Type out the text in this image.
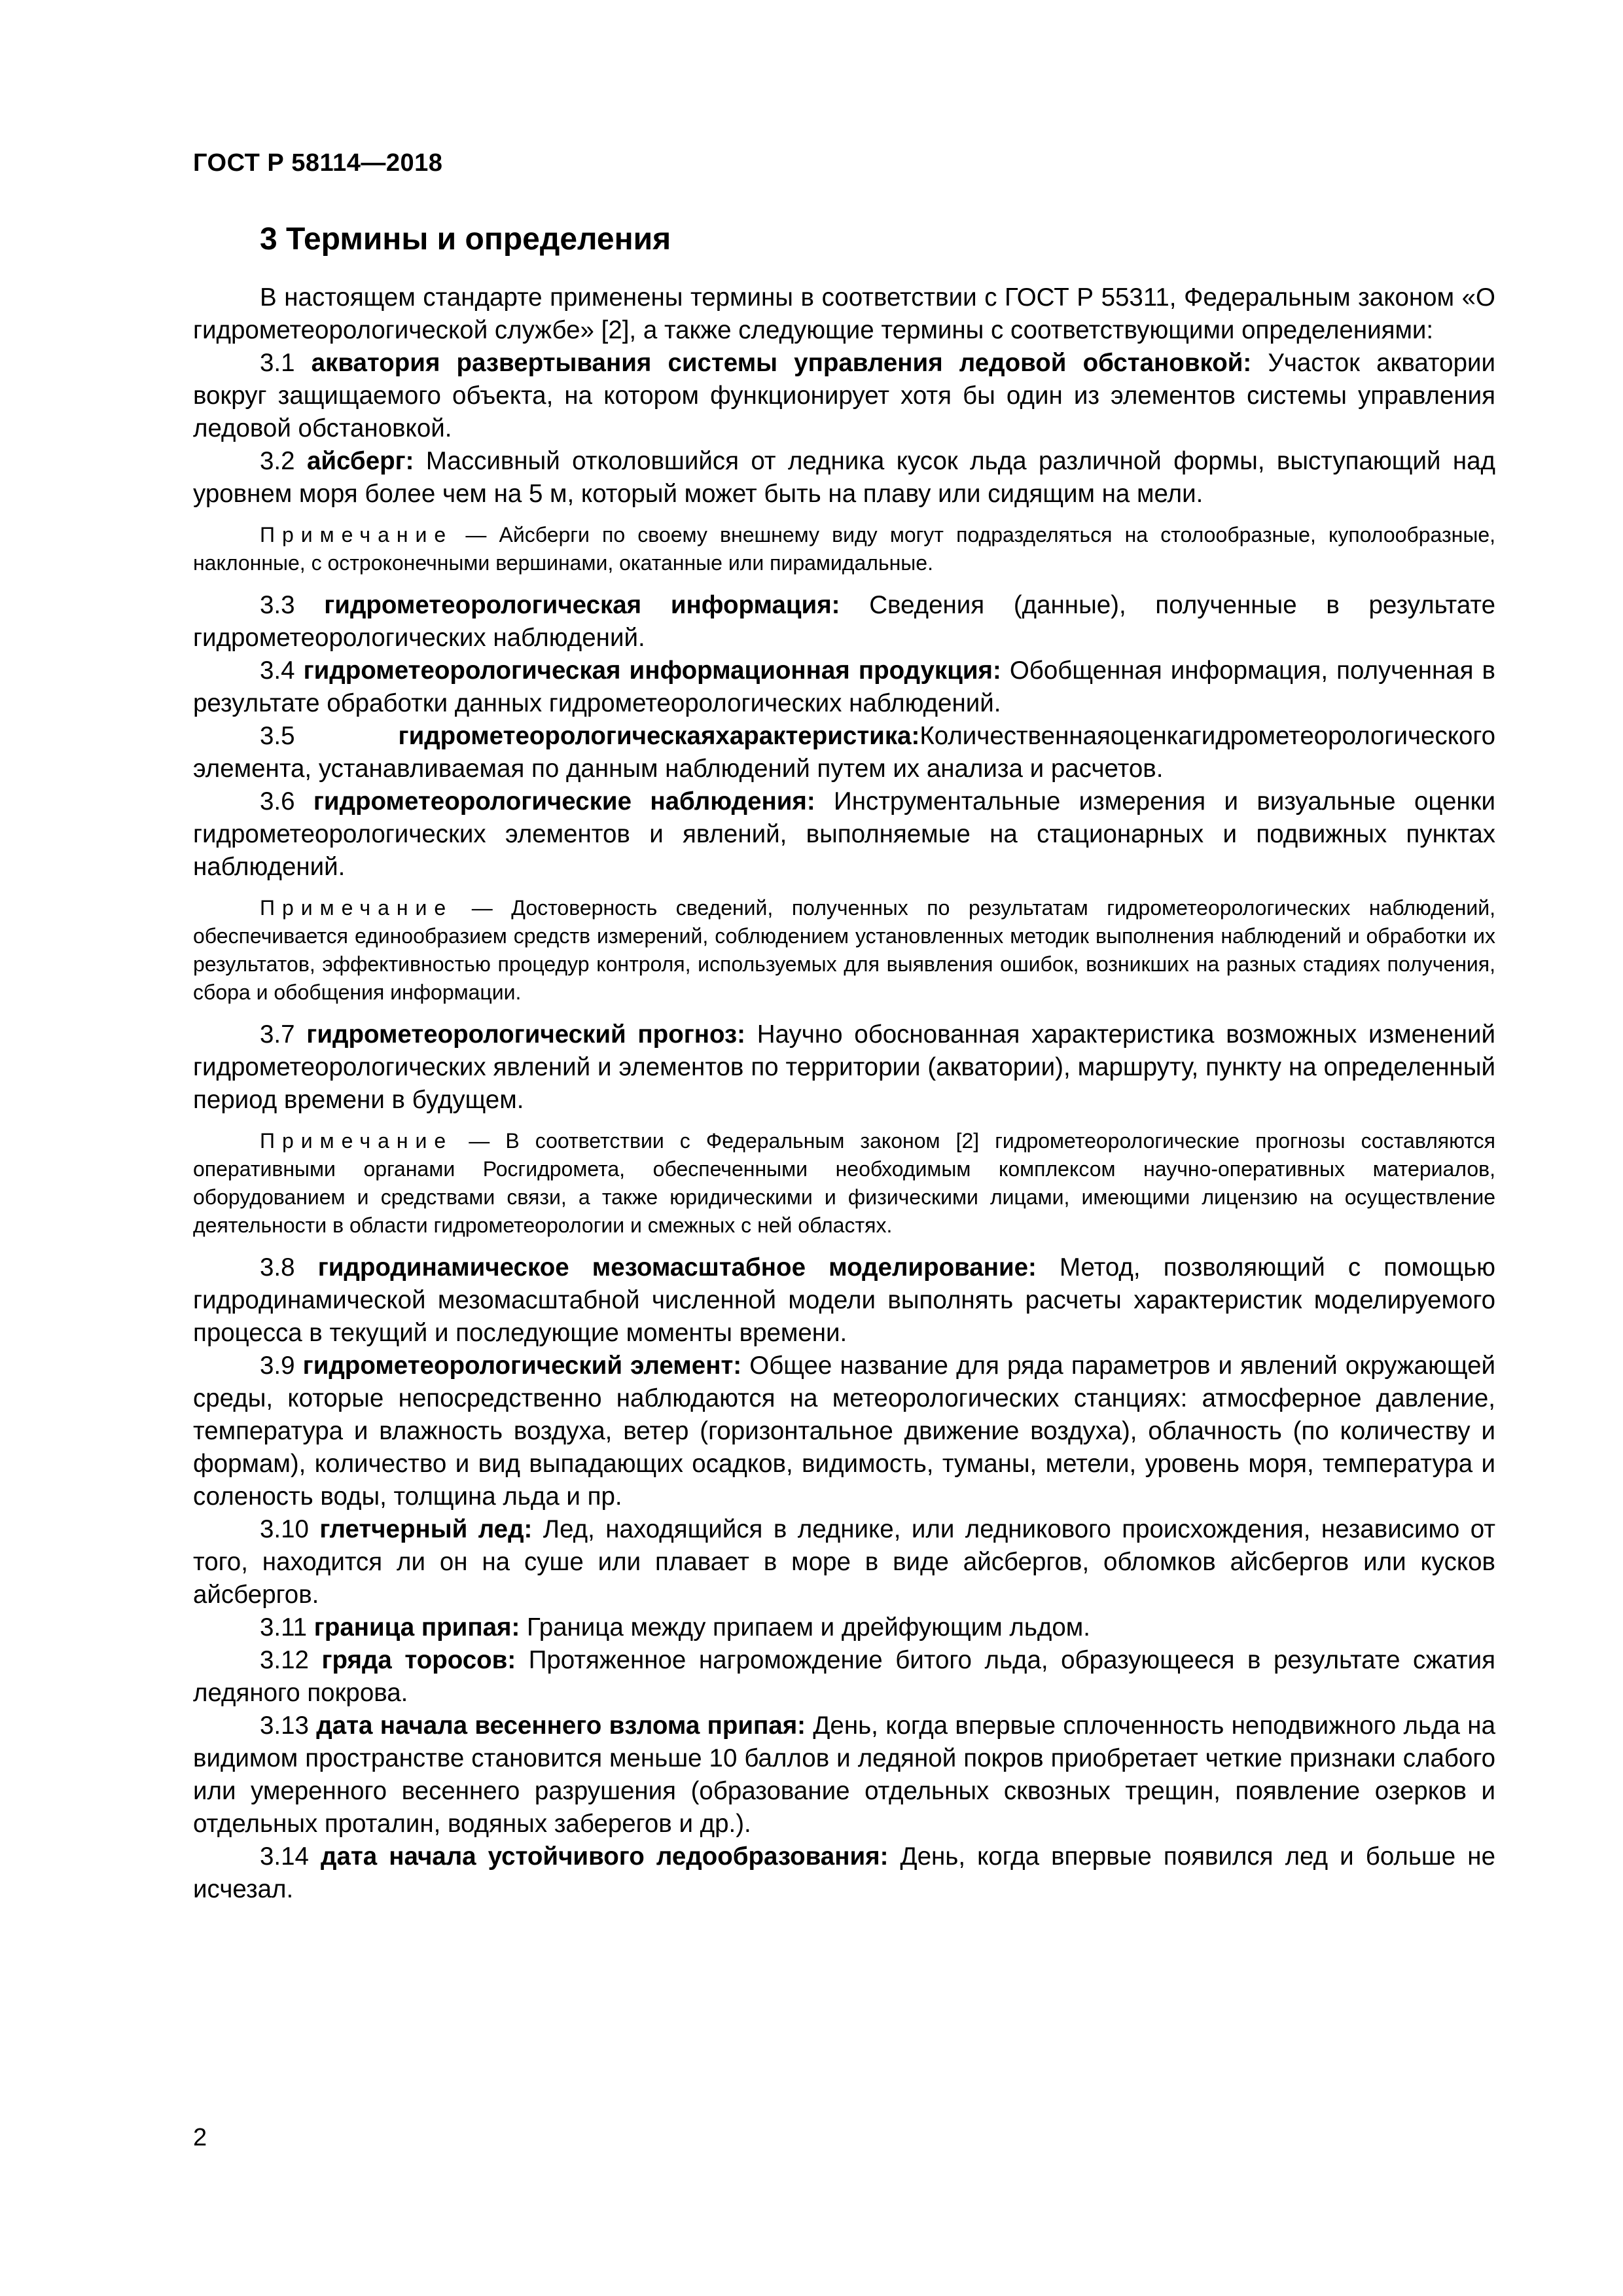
ГОСТ Р 58114—2018
3 Термины и определения

В настоящем стандарте применены термины в соответствии с ГОСТ Р 55311, Федеральным законом «О гидрометеорологической службе» [2], а также следующие термины с соответствующими определениями:

3.1 акватория развертывания системы управления ледовой обстановкой: Участок акватории вокруг защищаемого объекта, на котором функционирует хотя бы один из элементов системы управления ледовой обстановкой.

3.2 айсберг: Массивный отколовшийся от ледника кусок льда различной формы, выступающий над уровнем моря более чем на 5 м, который может быть на плаву или сидящим на мели.

Примечание — Айсберги по своему внешнему виду могут подразделяться на столообразные, куполообразные, наклонные, с остроконечными вершинами, окатанные или пирамидальные.

3.3 гидрометеорологическая информация: Сведения (данные), полученные в результате гидрометеорологических наблюдений.

3.4 гидрометеорологическая информационная продукция: Обобщенная информация, полученная в результате обработки данных гидрометеорологических наблюдений.

3.5 гидрометеорологическаяхарактеристика:Количественнаяоценкагидрометеорологического элемента, устанавливаемая по данным наблюдений путем их анализа и расчетов.

3.6 гидрометеорологические наблюдения: Инструментальные измерения и визуальные оценки гидрометеорологических элементов и явлений, выполняемые на стационарных и подвижных пунктах наблюдений.

Примечание — Достоверность сведений, полученных по результатам гидрометеорологических наблюдений, обеспечивается единообразием средств измерений, соблюдением установленных методик выполнения наблюдений и обработки их результатов, эффективностью процедур контроля, используемых для выявления ошибок, возникших на разных стадиях получения, сбора и обобщения информации.

3.7 гидрометеорологический прогноз: Научно обоснованная характеристика возможных изменений гидрометеорологических явлений и элементов по территории (акватории), маршруту, пункту на определенный период времени в будущем.

Примечание — В соответствии с Федеральным законом [2] гидрометеорологические прогнозы составляются оперативными органами Росгидромета, обеспеченными необходимым комплексом научно-оперативных материалов, оборудованием и средствами связи, а также юридическими и физическими лицами, имеющими лицензию на осуществление деятельности в области гидрометеорологии и смежных с ней областях.

3.8 гидродинамическое мезомасштабное моделирование: Метод, позволяющий с помощью гидродинамической мезомасштабной численной модели выполнять расчеты характеристик моделируемого процесса в текущий и последующие моменты времени.

3.9 гидрометеорологический элемент: Общее название для ряда параметров и явлений окружающей среды, которые непосредственно наблюдаются на метеорологических станциях: атмосферное давление, температура и влажность воздуха, ветер (горизонтальное движение воздуха), облачность (по количеству и формам), количество и вид выпадающих осадков, видимость, туманы, метели, уровень моря, температура и соленость воды, толщина льда и пр.

3.10 глетчерный лед: Лед, находящийся в леднике, или ледникового происхождения, независимо от того, находится ли он на суше или плавает в море в виде айсбергов, обломков айсбергов или кусков айсбергов.

3.11 граница припая: Граница между припаем и дрейфующим льдом.

3.12 гряда торосов: Протяженное нагромождение битого льда, образующееся в результате сжатия ледяного покрова.

3.13 дата начала весеннего взлома припая: День, когда впервые сплоченность неподвижного льда на видимом пространстве становится меньше 10 баллов и ледяной покров приобретает четкие признаки слабого или умеренного весеннего разрушения (образование отдельных сквозных трещин, появление озерков и отдельных проталин, водяных заберегов и др.).

3.14 дата начала устойчивого ледообразования: День, когда впервые появился лед и больше не исчезал.

2
